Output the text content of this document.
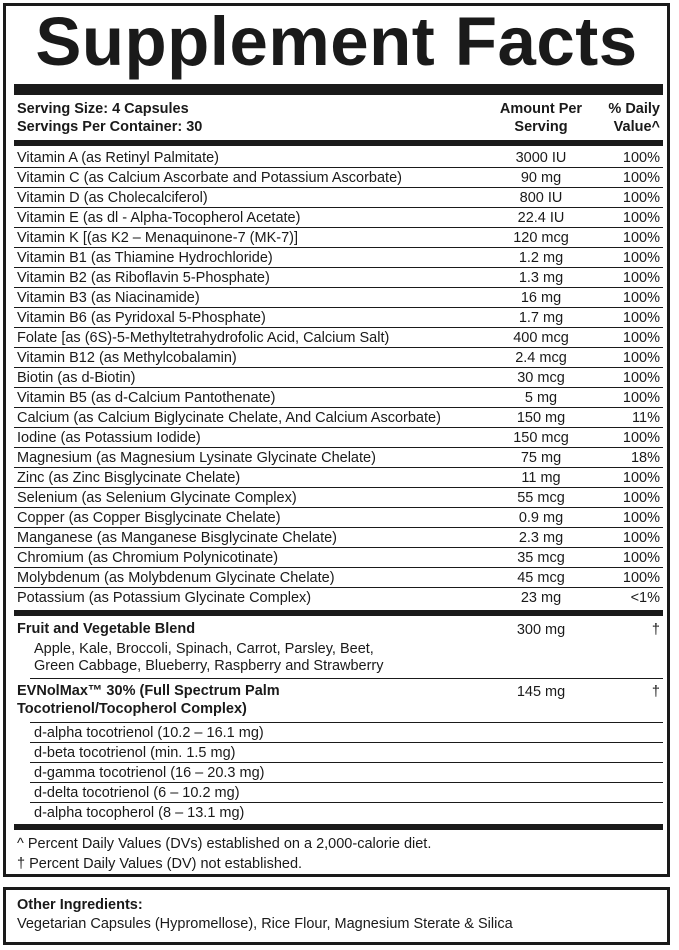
Supplement Facts
Serving Size: 4 Capsules
Servings Per Container: 30
Amount Per
Serving
% Daily
Value^
Vitamin A (as Retinyl Palmitate)	3000 IU	100%
Vitamin C (as Calcium Ascorbate and Potassium Ascorbate)	90 mg	100%
Vitamin D (as Cholecalciferol)	800 IU	100%
Vitamin E (as dl - Alpha-Tocopherol Acetate)	22.4 IU	100%
Vitamin K [(as K2 – Menaquinone-7 (MK-7)]	120 mcg	100%
Vitamin B1 (as Thiamine Hydrochloride)	1.2 mg	100%
Vitamin B2 (as Riboflavin 5-Phosphate)	1.3 mg	100%
Vitamin B3 (as Niacinamide)	16 mg	100%
Vitamin B6 (as Pyridoxal 5-Phosphate)	1.7 mg	100%
Folate [as (6S)-5-Methyltetrahydrofolic Acid, Calcium Salt)	400 mcg	100%
Vitamin B12 (as Methylcobalamin)	2.4 mcg	100%
Biotin (as d-Biotin)	30 mcg	100%
Vitamin B5 (as d-Calcium Pantothenate)	5 mg	100%
Calcium (as Calcium Biglycinate Chelate, And Calcium Ascorbate)	150 mg	11%
Iodine (as Potassium Iodide)	150 mcg	100%
Magnesium (as Magnesium Lysinate Glycinate Chelate)	75 mg	18%
Zinc (as Zinc Bisglycinate Chelate)	11 mg	100%
Selenium (as Selenium Glycinate Complex)	55 mcg	100%
Copper (as Copper Bisglycinate Chelate)	0.9 mg	100%
Manganese (as Manganese Bisglycinate Chelate)	2.3 mg	100%
Chromium (as Chromium Polynicotinate)	35 mcg	100%
Molybdenum (as Molybdenum Glycinate Chelate)	45 mcg	100%
Potassium (as Potassium Glycinate Complex)	23 mg	<1%
Fruit and Vegetable Blend
Apple, Kale, Broccoli, Spinach, Carrot, Parsley, Beet,
Green Cabbage, Blueberry, Raspberry and Strawberry
300 mg	†
EVNolMax™ 30% (Full Spectrum Palm
Tocotrienol/Tocopherol Complex)
145 mg	†
d-alpha tocotrienol (10.2 – 16.1 mg)
d-beta tocotrienol (min. 1.5 mg)
d-gamma tocotrienol (16 – 20.3 mg)
d-delta tocotrienol (6 – 10.2 mg)
d-alpha tocopherol (8 – 13.1 mg)
^ Percent Daily Values (DVs) established on a 2,000-calorie diet.
† Percent Daily Values (DV) not established.
Other Ingredients:
Vegetarian Capsules (Hypromellose), Rice Flour, Magnesium Sterate & Silica
